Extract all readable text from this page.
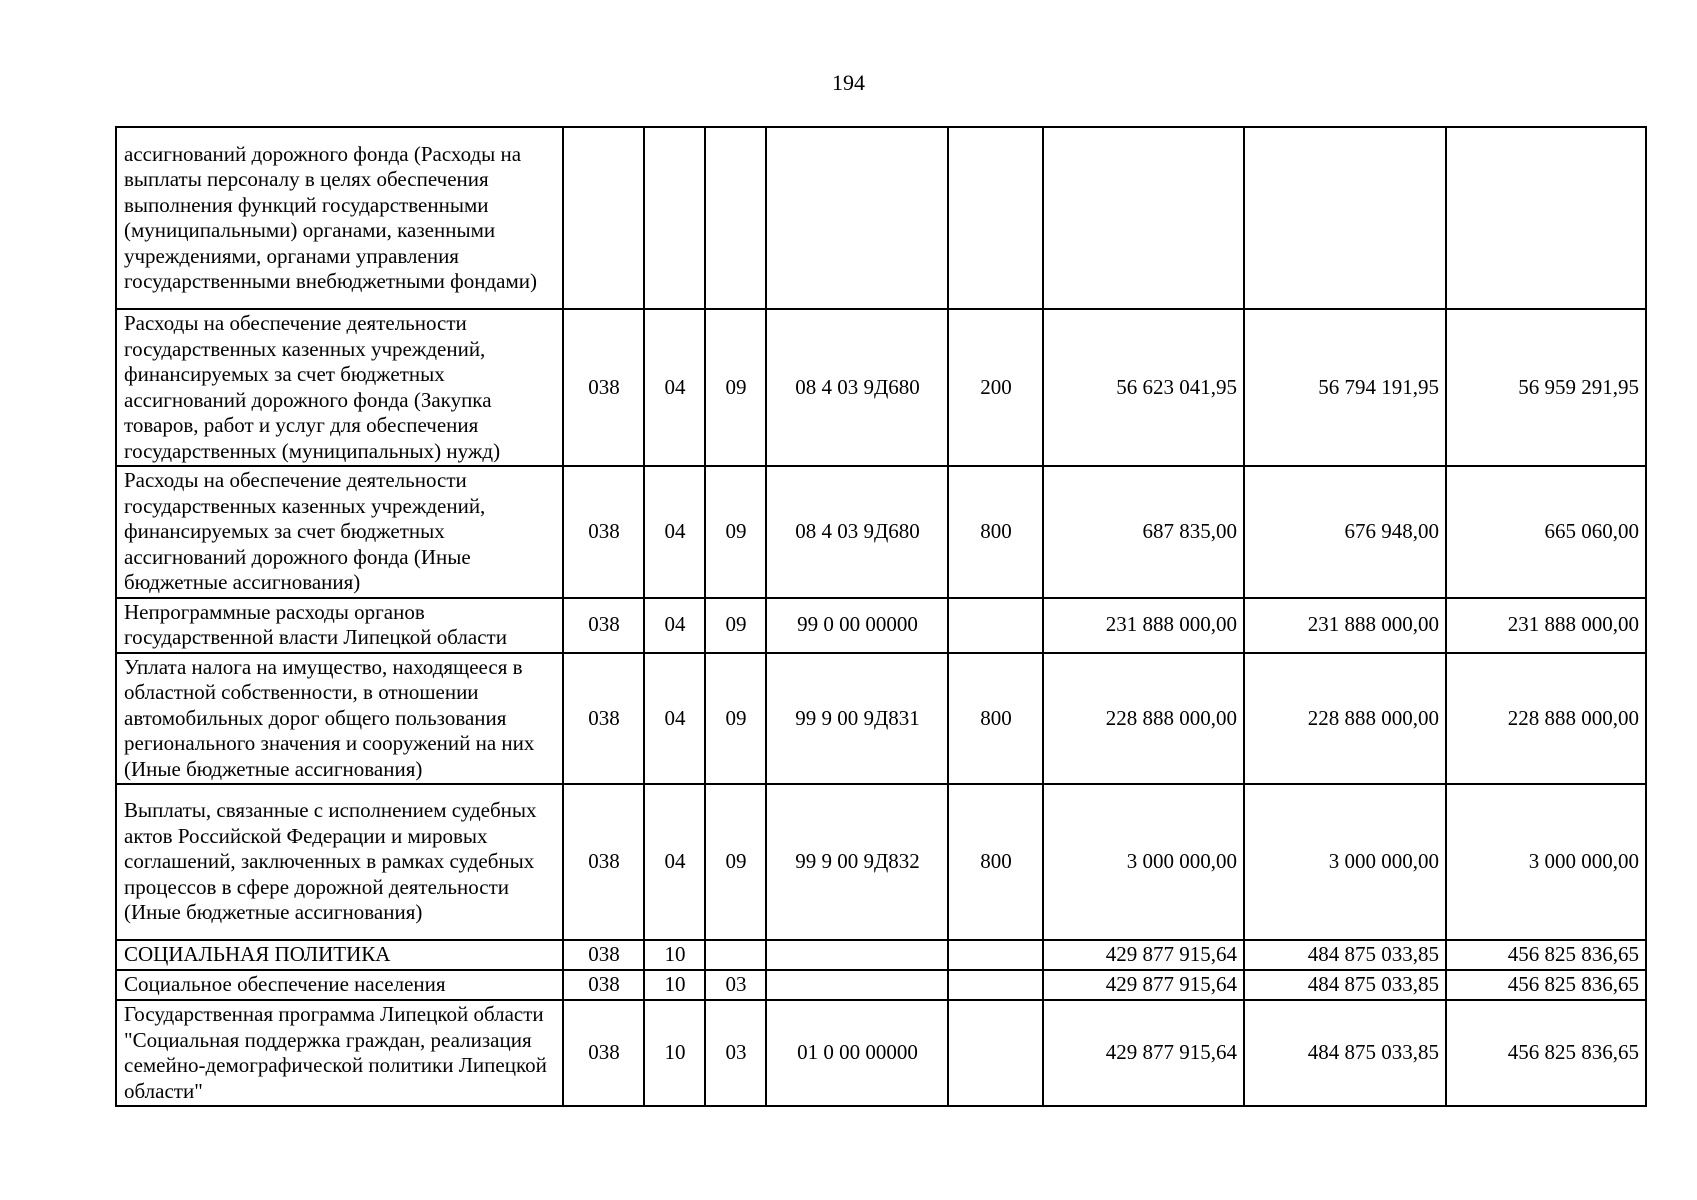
194
ассигнований дорожного фонда (Расходы на выплаты персоналу в целях обеспечения выполнения функций государственными (муниципальными) органами, казенными учреждениями, органами управления государственными внебюджетными фондами)								
Расходы на обеспечение деятельности государственных казенных учреждений, финансируемых за счет бюджетных ассигнований дорожного фонда (Закупка товаров, работ и услуг для обеспечения государственных (муниципальных) нужд)	038	04	09	08 4 03 9Д680	200	56 623 041,95	56 794 191,95	56 959 291,95
Расходы на обеспечение деятельности государственных казенных учреждений, финансируемых за счет бюджетных ассигнований дорожного фонда (Иные бюджетные ассигнования)	038	04	09	08 4 03 9Д680	800	687 835,00	676 948,00	665 060,00
Непрограммные расходы органов государственной власти Липецкой области	038	04	09	99 0 00 00000		231 888 000,00	231 888 000,00	231 888 000,00
Уплата налога на имущество, находящееся в областной собственности, в отношении автомобильных дорог общего пользования регионального значения и сооружений на них (Иные бюджетные ассигнования)	038	04	09	99 9 00 9Д831	800	228 888 000,00	228 888 000,00	228 888 000,00
Выплаты, связанные с исполнением судебных актов Российской Федерации и мировых соглашений, заключенных в рамках судебных процессов в сфере дорожной деятельности (Иные бюджетные ассигнования)	038	04	09	99 9 00 9Д832	800	3 000 000,00	3 000 000,00	3 000 000,00
СОЦИАЛЬНАЯ ПОЛИТИКА	038	10				429 877 915,64	484 875 033,85	456 825 836,65
Социальное обеспечение населения	038	10	03			429 877 915,64	484 875 033,85	456 825 836,65
Государственная программа Липецкой области "Социальная поддержка граждан, реализация семейно-демографической политики Липецкой области"	038	10	03	01 0 00 00000		429 877 915,64	484 875 033,85	456 825 836,65
